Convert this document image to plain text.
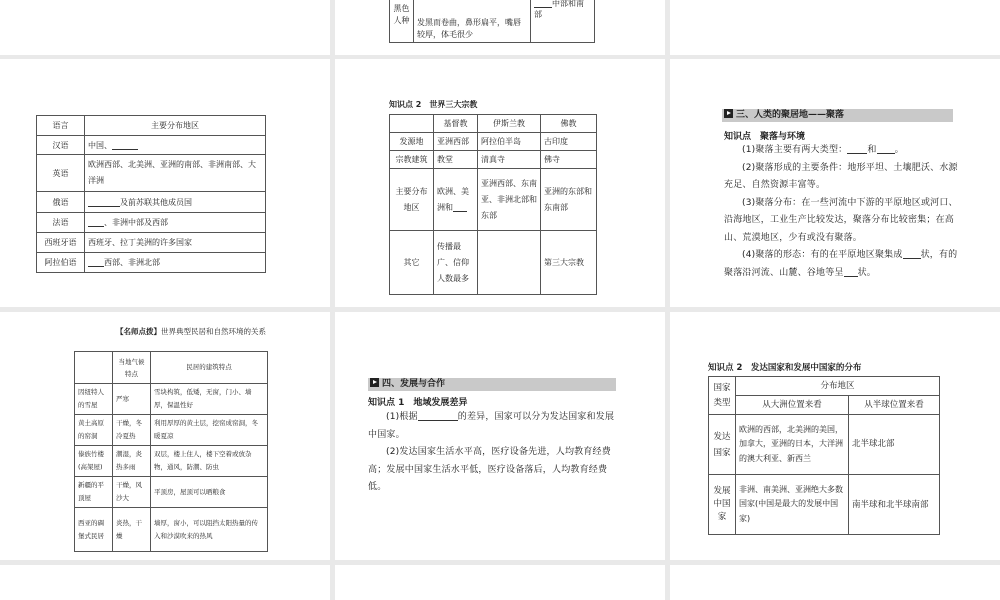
黑色人种	发黑而卷曲，鼻形扁平，嘴唇较厚，体毛很少	中部和南部
语言	主要分布地区
汉语	中国、
英语	欧洲西部、北美洲、亚洲的南部、非洲南部、大洋洲
俄语	及前苏联其他成员国
法语	、非洲中部及西部
西班牙语	西班牙、拉丁美洲的许多国家
阿拉伯语	西部、非洲北部
知识点 2　世界三大宗教
	基督教	伊斯兰教	佛教
发源地	亚洲西部	阿拉伯半岛	古印度
宗教建筑	教堂	清真寺	佛寺
主要分布地区	欧洲、美洲和	亚洲西部、东南亚、非洲北部和东部	亚洲的东部和东南部
其它	传播最广、信仰人数最多		第三大宗教
三、人类的聚居地——聚落
知识点　聚落与环境
(1)聚落主要有两大类型： 和 。
(2)聚落形成的主要条件：地形平坦、土壤肥沃、水源充足、自然资源丰富等。
(3)聚落分布：在一些河流中下游的平原地区或河口、沿海地区，工业生产比较发达，聚落分布比较密集；在高山、荒漠地区，少有或没有聚落。
(4)聚落的形态：有的在平原地区聚集成 状，有的聚落沿河流、山麓、谷地等呈 状。
【名师点拨】世界典型民居和自然环境的关系
	当地气候特点	民居的建筑特点
因纽特人的雪屋	严寒	雪块构筑，低矮，无窗，门小、墙厚，保温性好
黄土高原的窑洞	干燥，冬冷夏热	利用厚厚的黄土层，挖窑成窑洞，冬暖夏凉
傣族竹楼(高架屋)	潮湿，炎热多雨	双层，楼上住人，楼下空着或放杂物，通风，防潮、防虫
新疆的平顶屋	干燥，风沙大	平顶房，屋顶可以晒粮食
西亚的碉堡式民居	炎热，干燥	墙厚，窗小，可以阻挡太阳热量的传入和沙漠吹来的热风
四、发展与合作
知识点 1　地域发展差异
(1)根据	的差异，国家可以分为发达国家和发展中国家。
(2)发达国家生活水平高，医疗设备先进，人均教育经费高；发展中国家生活水平低，医疗设备落后，人均教育经费低。
知识点 2　发达国家和发展中国家的分布
国家类型	分布地区	
	从大洲位置来看	从半球位置来看
发达国家	欧洲的西部，北美洲的美国，加拿大，亚洲的日本，大洋洲的澳大利亚、新西兰	北半球北部
发展中国家	非洲、南美洲、亚洲绝大多数国家(中国是最大的发展中国家)	南半球和北半球南部
